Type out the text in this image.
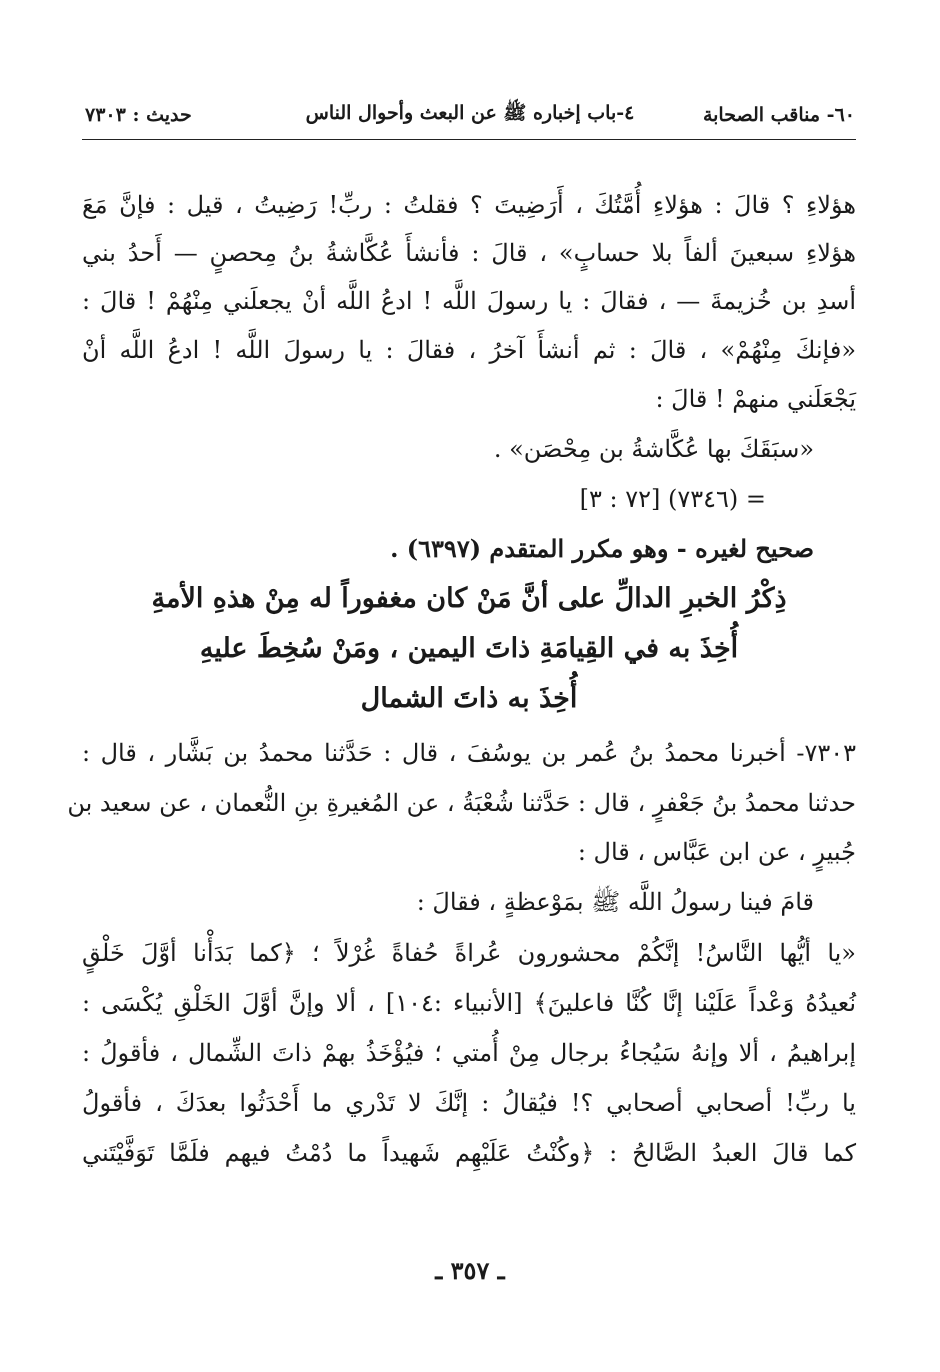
٦٠- مناقب الصحابة
٤-باب إخباره ﷺ عن البعث وأحوال الناس
حديث : ٧٣٠٣
هؤلاءِ ؟ قالَ : هؤلاءِ أُمَّتُكَ ، أَرَضِيتَ ؟ فقلتُ : ربِّ! رَضِيتُ ، قيل : فإنَّ مَعَ
هؤلاءِ سبعينَ ألفاً بلا حسابٍ» ، قالَ : فأنشأَ عُكَّاشةُ بنُ مِحصنٍ — أَحدُ بني
أسدِ بن خُزيمةَ — ، فقالَ : يا رسولَ اللَّه ! ادعُ اللَّه أنْ يجعلَني مِنْهُمْ ! قالَ :
«فإنكَ مِنْهُمْ» ، قالَ : ثم أنشأَ آخرُ ، فقالَ : يا رسولَ اللَّه ! ادعُ اللَّه أنْ
يَجْعَلَني منهمْ ! قالَ :
«سبَقَكَ بها عُكَّاشةُ بن مِحْصَن» .
= (٧٣٤٦) [٧٢ : ٣]
صحيح لغيره - وهو مكرر المتقدم (٦٣٩٧) .
ذِكْرُ الخبرِ الدالِّ على أنَّ مَنْ كان مغفوراً له مِنْ هذهِ الأمةِ
أُخِذَ به في القِيامَةِ ذاتَ اليمين ، ومَنْ سُخِطَ عليهِ
أُخِذَ به ذاتَ الشمال
٧٣٠٣- أخبرنا محمدُ بنُ عُمر بن يوسُفَ ، قال : حَدَّثنا محمدُ بن بَشَّار ، قال :
حدثنا محمدُ بنُ جَعْفرٍ ، قال : حَدَّثنا شُعْبَةُ ، عن المُغيرةِ بنِ النُّعمان ، عن سعيد بن
جُبيرٍ ، عن ابن عَبَّاس ، قال :
قامَ فينا رسولُ اللَّه ﷺ بمَوْعظةٍ ، فقالَ :
«يا أيُّها النَّاسُ! إنَّكُمْ محشورون عُراةً حُفاةً غُرْلاً ؛ ﴿كما بَدَأْنا أوَّلَ خَلْقٍ
نُعيدُهُ وَعْداً عَلَيْنا إنَّا كُنَّا فاعلينَ﴾ [الأنبياء :١٠٤] ، ألا وإنَّ أوَّلَ الخَلْقِ يُكْسَى :
إبراهيمُ ، ألا وإنهُ سَيُجاءُ برجال مِنْ أُمتي ؛ فيُؤْخَذُ بهمْ ذاتَ الشِّمال ، فأقولُ :
يا ربِّ! أصحابي أصحابي ؟! فيُقالُ : إنَّكَ لا تَدْري ما أَحْدَثُوا بعدَكَ ، فأقولُ
كما قالَ العبدُ الصَّالحُ : ﴿وكُنْتُ عَلَيْهِم شَهيداً ما دُمْتُ فيهم فلَمَّا تَوَفَّيْتَني
ـ ٣٥٧ ـ
